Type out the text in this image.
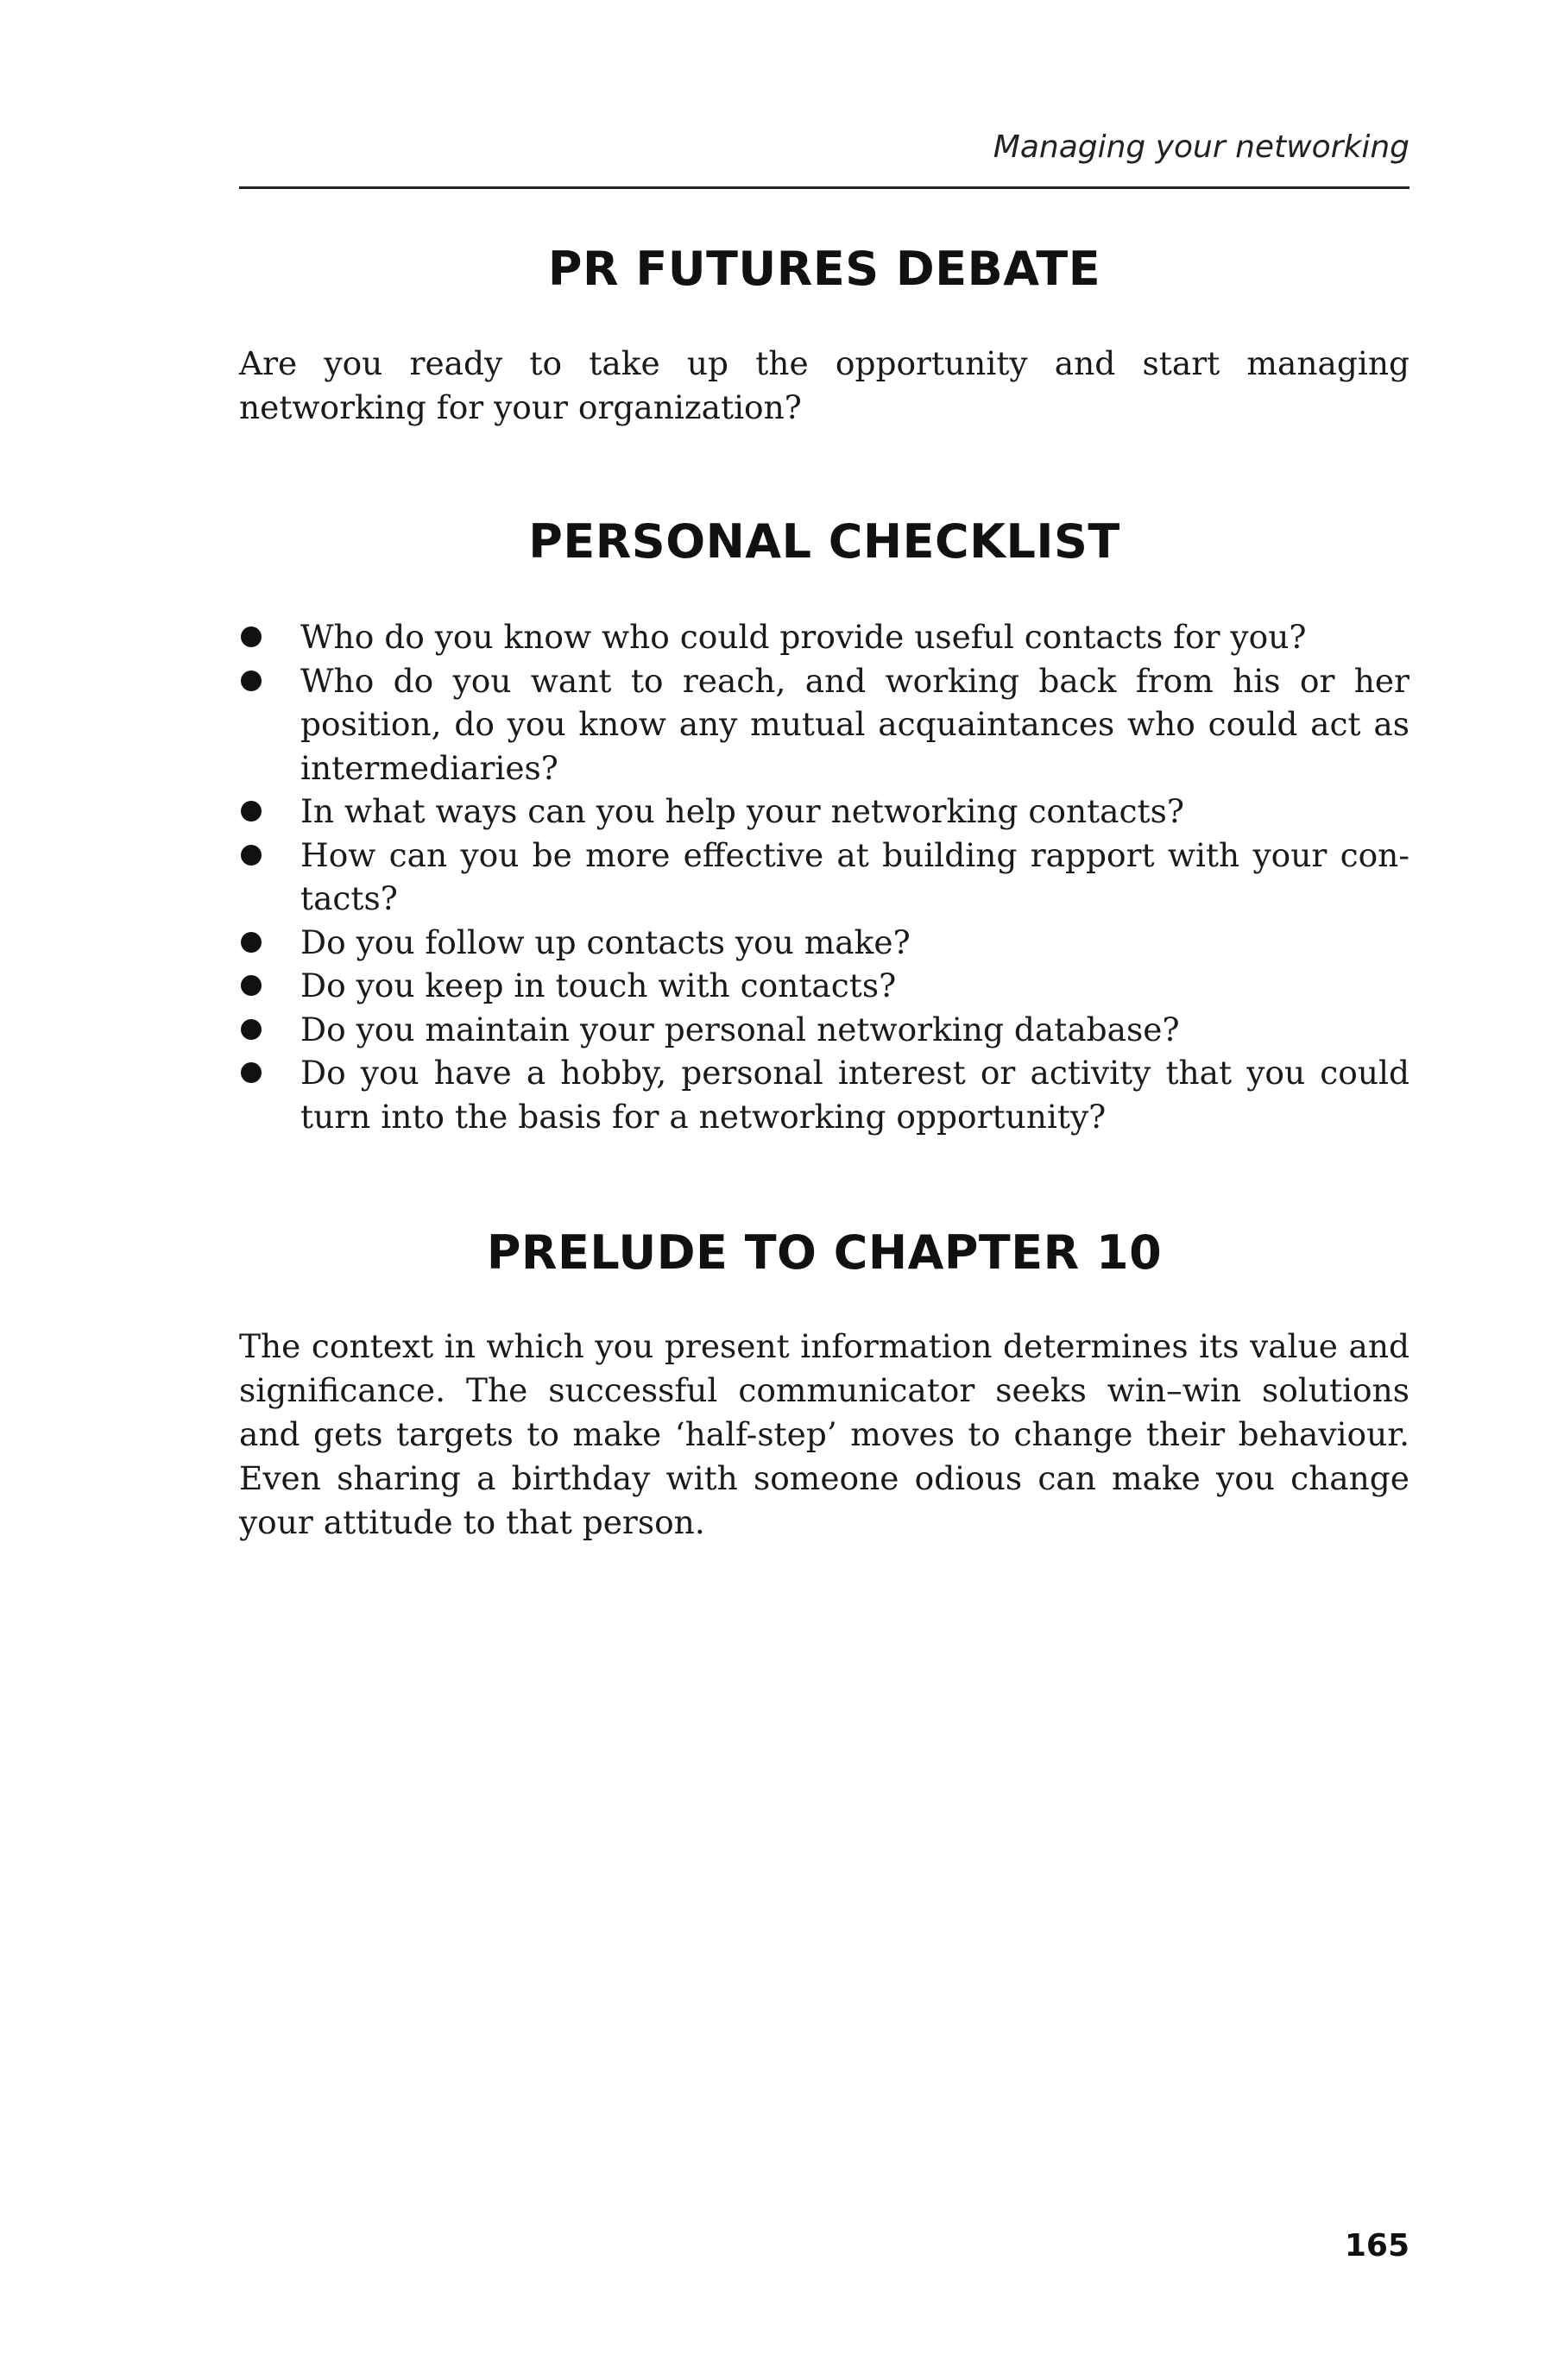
Managing your networking
PR FUTURES DEBATE

Are you ready to take up the opportunity and start managing networking for your organization?

PERSONAL CHECKLIST
Who do you know who could provide useful contacts for you?
Who do you want to reach, and working back from his or her position, do you know any mutual acquaintances who could act as intermediaries?
In what ways can you help your networking contacts?
How can you be more effective at building rapport with your con-tacts?
Do you follow up contacts you make?
Do you keep in touch with contacts?
Do you maintain your personal networking database?
Do you have a hobby, personal interest or activity that you could turn into the basis for a networking opportunity?
PRELUDE TO CHAPTER 10

The context in which you present information determines its value and significance. The successful communicator seeks win–win solutions and gets targets to make ‘half-step’ moves to change their behaviour. Even sharing a birthday with someone odious can make you change your attitude to that person.

165
